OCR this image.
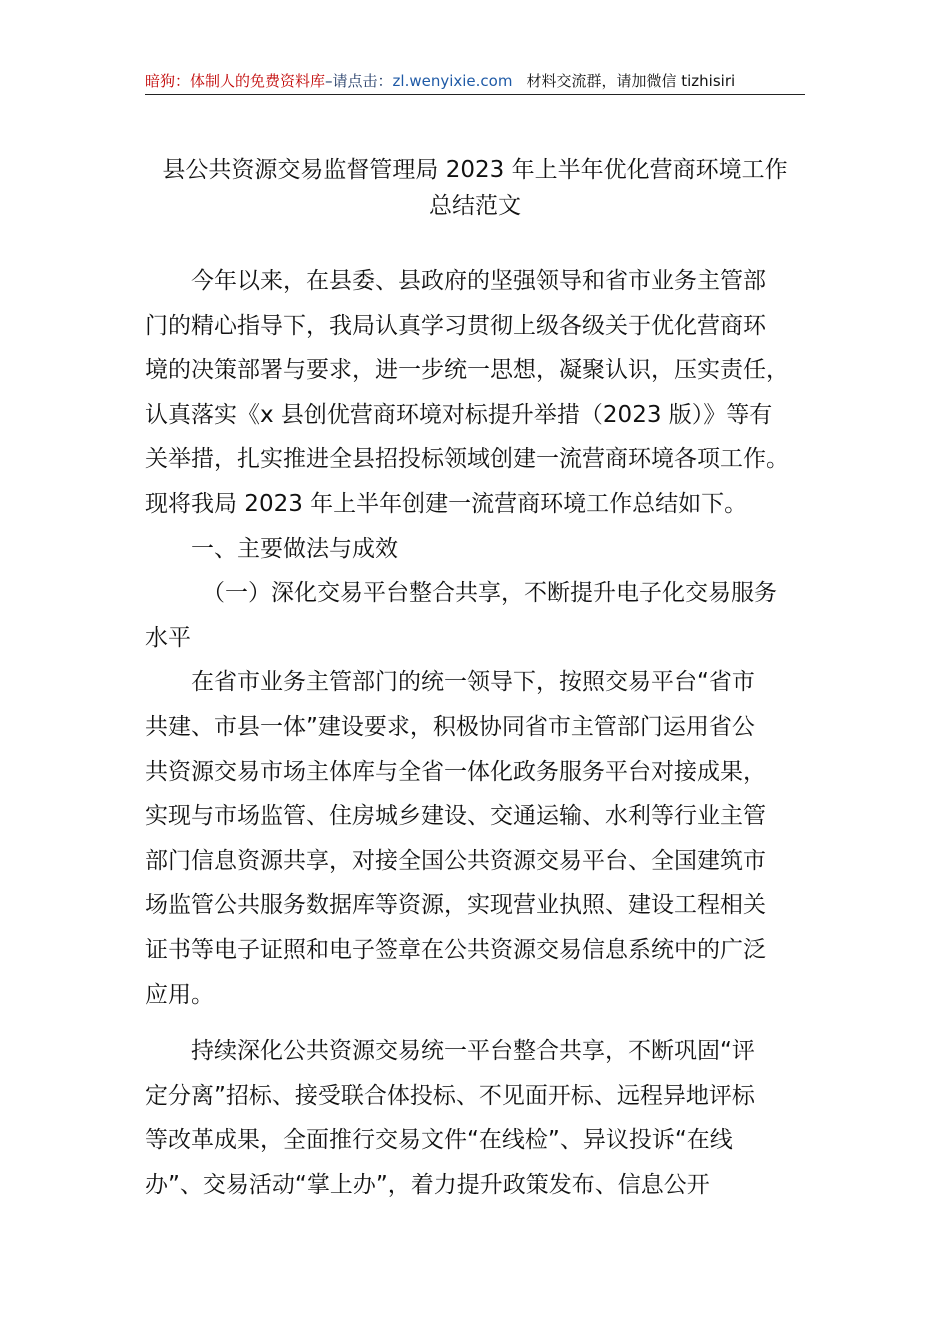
暗狗：体制人的免费资料库–请点击：zl.wenyixie.com 材料交流群，请加微信 tizhisiri
县公共资源交易监督管理局 2023 年上半年优化营商环境工作
总结范文
今年以来，在县委、县政府的坚强领导和省市业务主管部
门的精心指导下，我局认真学习贯彻上级各级关于优化营商环
境的决策部署与要求，进一步统一思想，凝聚认识，压实责任，
认真落实《x 县创优营商环境对标提升举措（2023 版）》等有
关举措，扎实推进全县招投标领域创建一流营商环境各项工作。
现将我局 2023 年上半年创建一流营商环境工作总结如下。
一、主要做法与成效
（一）深化交易平台整合共享，不断提升电子化交易服务
水平
在省市业务主管部门的统一领导下，按照交易平台“省市
共建、市县一体”建设要求，积极协同省市主管部门运用省公
共资源交易市场主体库与全省一体化政务服务平台对接成果，
实现与市场监管、住房城乡建设、交通运输、水利等行业主管
部门信息资源共享，对接全国公共资源交易平台、全国建筑市
场监管公共服务数据库等资源，实现营业执照、建设工程相关
证书等电子证照和电子签章在公共资源交易信息系统中的广泛
应用。
持续深化公共资源交易统一平台整合共享，不断巩固“评
定分离”招标、接受联合体投标、不见面开标、远程异地评标
等改革成果，全面推行交易文件“在线检”、异议投诉“在线
办”、交易活动“掌上办”，着力提升政策发布、信息公开
